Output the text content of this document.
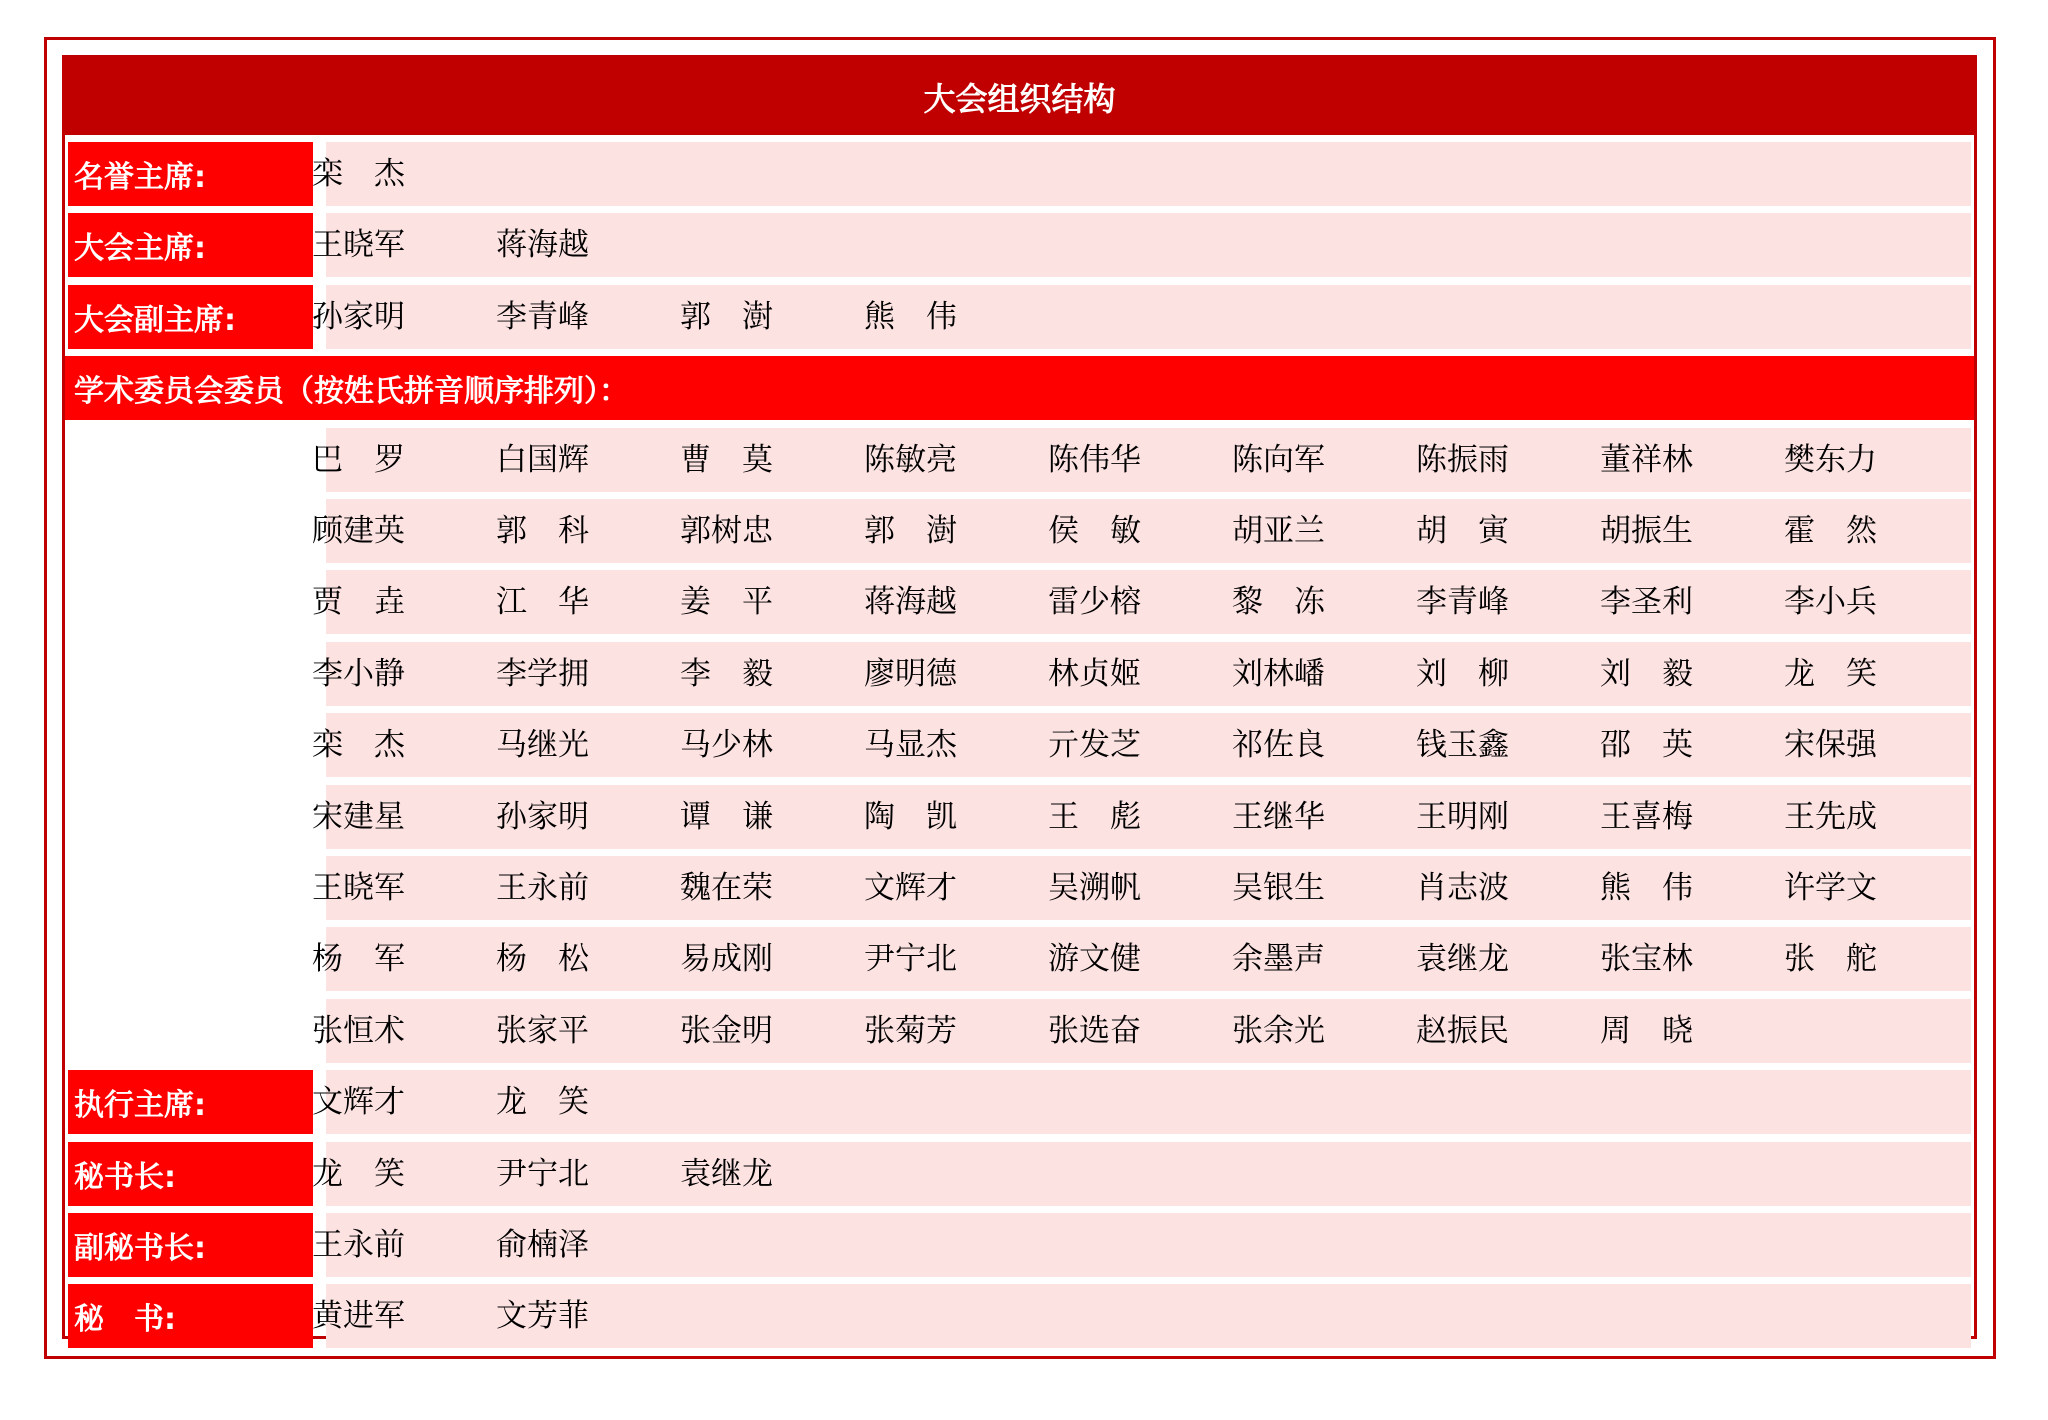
大会组织结构
名誉主席:	栾　杰
大会主席:	王晓军	蒋海越
大会副主席:	孙家明	李青峰	郭　澍	熊　伟
学术委员会委员（按姓氏拼音顺序排列）：
巴　罗	白国辉	曹　莫	陈敏亮	陈伟华	陈向军	陈振雨	董祥林	樊东力
顾建英	郭　科	郭树忠	郭　澍	侯　敏	胡亚兰	胡　寅	胡振生	霍　然
贾　垚	江　华	姜　平	蒋海越	雷少榕	黎　冻	李青峰	李圣利	李小兵
李小静	李学拥	李　毅	廖明德	林贞姬	刘林嶓	刘　柳	刘　毅	龙　笑
栾　杰	马继光	马少林	马显杰	亓发芝	祁佐良	钱玉鑫	邵　英	宋保强
宋建星	孙家明	谭　谦	陶　凯	王　彪	王继华	王明刚	王喜梅	王先成
王晓军	王永前	魏在荣	文辉才	吴溯帆	吴银生	肖志波	熊　伟	许学文
杨　军	杨　松	易成刚	尹宁北	游文健	余墨声	袁继龙	张宝林	张　舵
张恒术	张家平	张金明	张菊芳	张选奋	张余光	赵振民	周　晓
执行主席:	文辉才	龙　笑
秘书长:	龙　笑	尹宁北	袁继龙
副秘书长:	王永前	俞楠泽
秘　书:	黄进军	文芳菲
